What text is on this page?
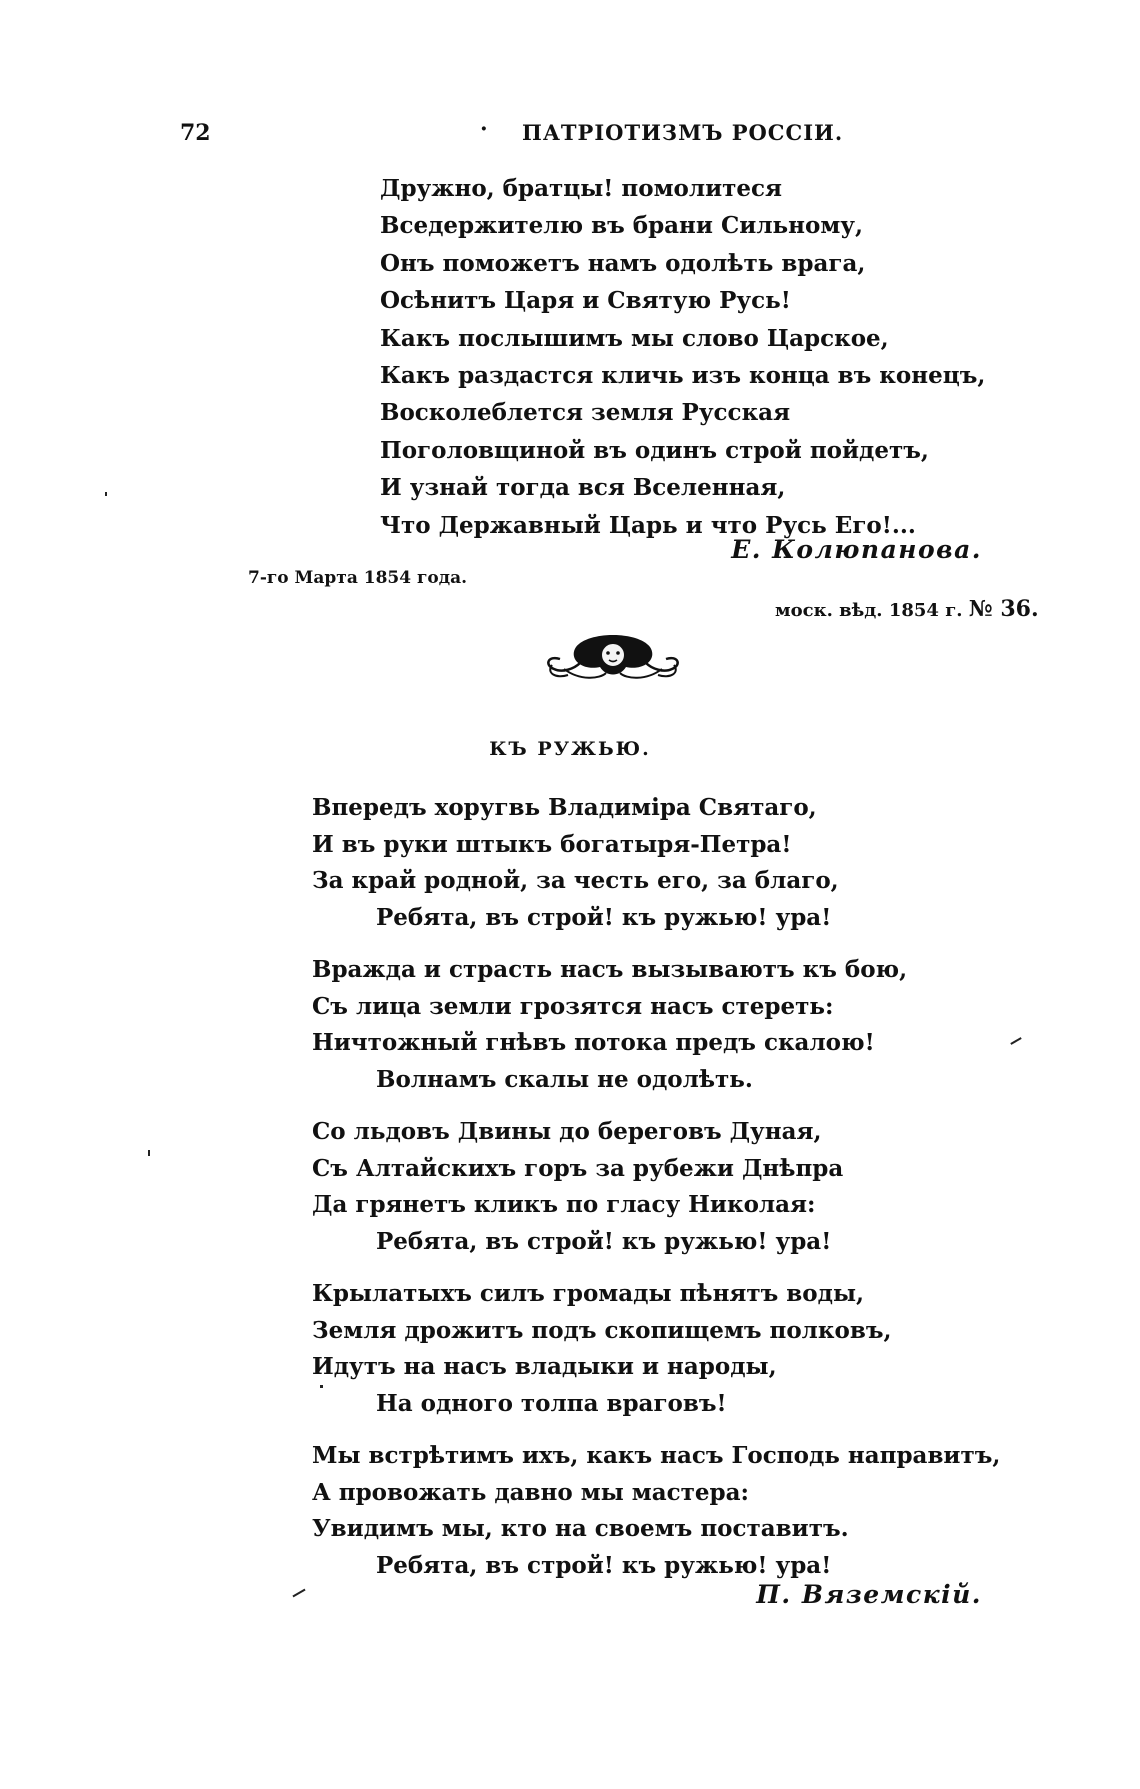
72	· ПАТРІОТИЗМЪ РОССІИ.
Дружно, братцы! помолитеся
Вседержителю въ брани Сильному,
Онъ поможетъ намъ одолѣть врага,
Осѣнитъ Царя и Святую Русь!
Какъ послышимъ мы слово Царское,
Какъ раздастся кличь изъ конца въ конецъ,
Восколеблется земля Русская
Поголовщиной въ одинъ строй пойдетъ,
И узнай тогда вся Вселенная,
Что Державный Царь и что Русь Его!...
Е. Колюпанова.
7-го Марта 1854 года.
моск. вѣд. 1854 г. № 36.
КЪ РУЖЬЮ.
Впередъ хоругвь Владиміра Святаго,
И въ руки штыкъ богатыря-Петра!
За край родной, за честь его, за благо,
Ребята, въ строй! къ ружью! ура!
Вражда и страсть насъ вызываютъ къ бою,
Съ лица земли грозятся насъ стереть:
Ничтожный гнѣвъ потока предъ скалою!
Волнамъ скалы не одолѣть.
Со льдовъ Двины до береговъ Дуная,
Съ Алтайскихъ горъ за рубежи Днѣпра
Да грянетъ кликъ по гласу Николая:
Ребята, въ строй! къ ружью! ура!
Крылатыхъ силъ громады пѣнятъ воды,
Земля дрожитъ подъ скопищемъ полковъ,
Идутъ на насъ владыки и народы,
На одного толпа враговъ!
Мы встрѣтимъ ихъ, какъ насъ Господь направитъ,
А провожать давно мы мастера:
Увидимъ мы, кто на своемъ поставитъ.
Ребята, въ строй! къ ружью! ура!
П. Вяземскій.
